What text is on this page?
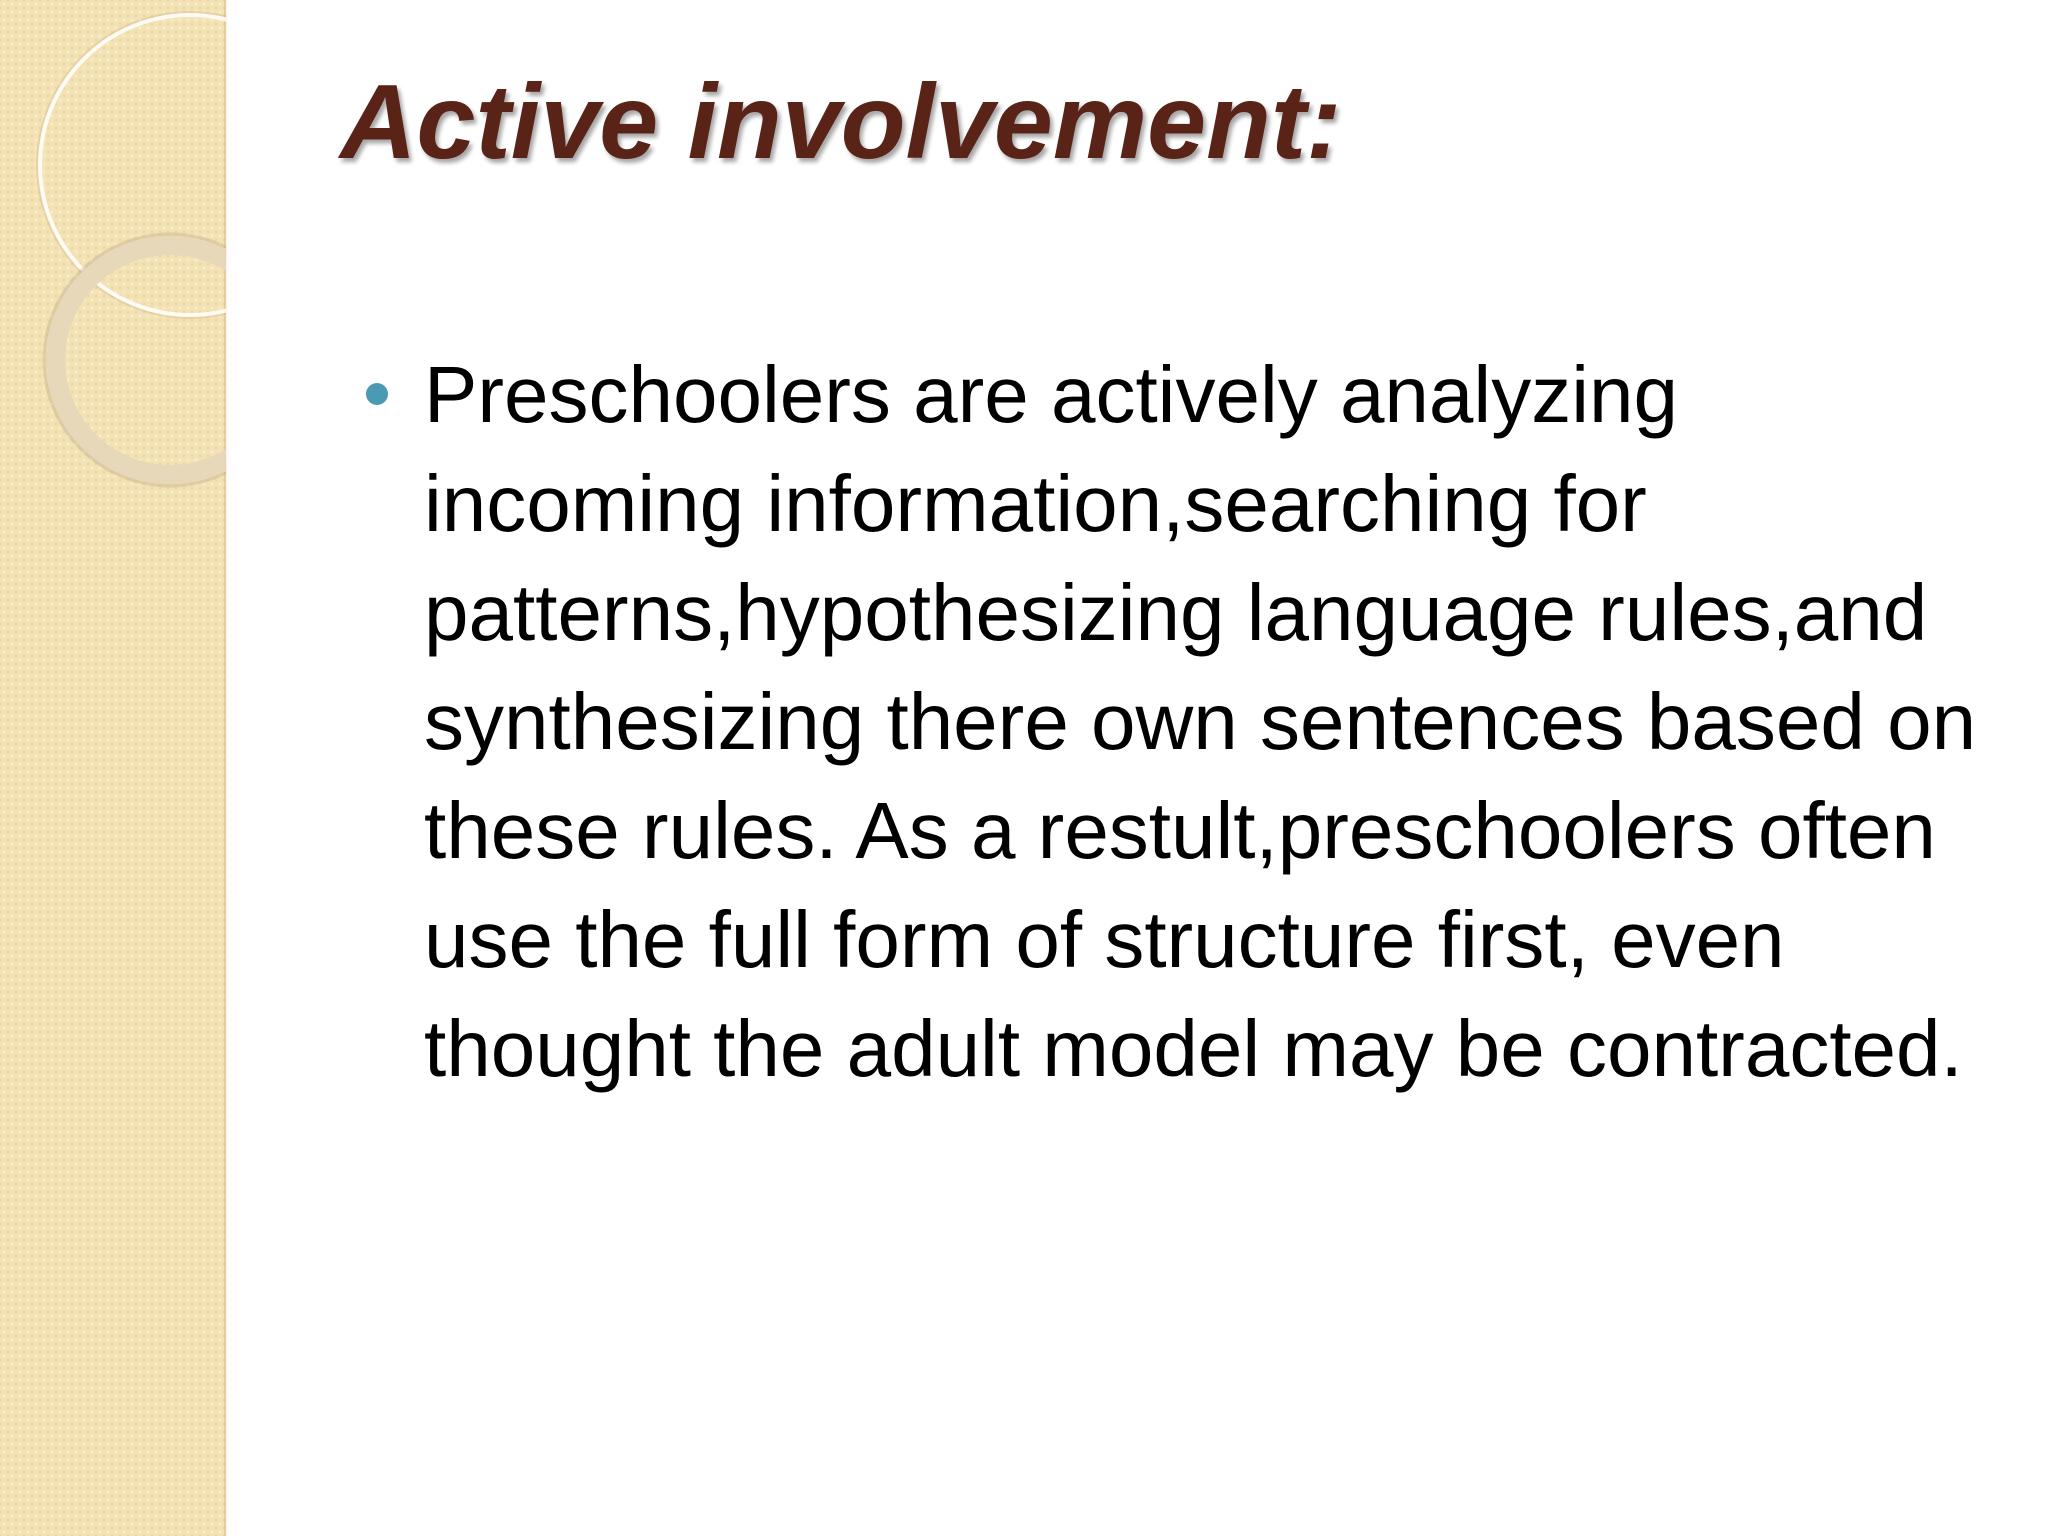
Active involvement:
Preschoolers are actively analyzing incoming information,searching for patterns,hypothesizing language rules,and synthesizing there own sentences based on these rules. As a restult,preschoolers often use the full form of structure first, even thought the adult model may be contracted.
